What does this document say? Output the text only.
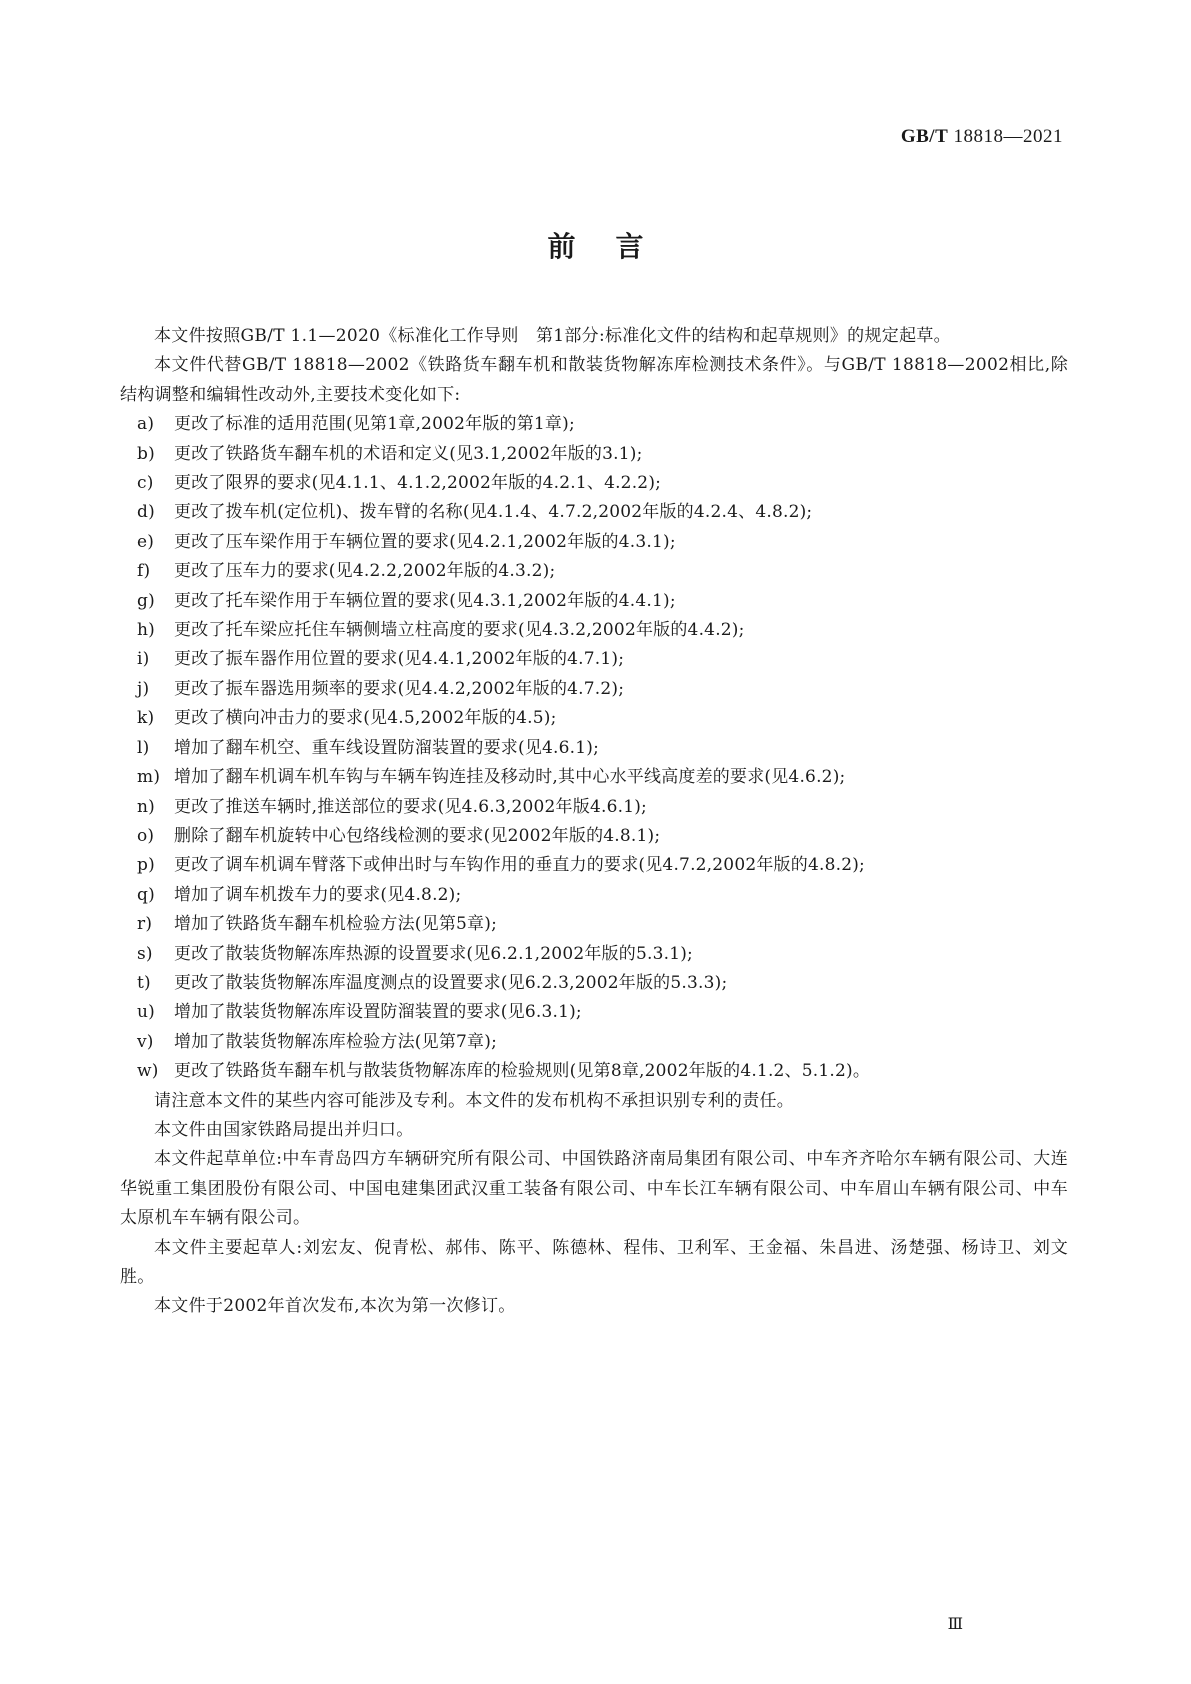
GB/T 18818—2021
前言

本文件按照GB/T 1.1—2020《标准化工作导则　第1部分:标准化文件的结构和起草规则》的规定起草。

本文件代替GB/T 18818—2002《铁路货车翻车机和散装货物解冻库检测技术条件》。与GB/T 18818—2002相比,除结构调整和编辑性改动外,主要技术变化如下:

a) 更改了标准的适用范围(见第1章,2002年版的第1章);

b) 更改了铁路货车翻车机的术语和定义(见3.1,2002年版的3.1);

c) 更改了限界的要求(见4.1.1、4.1.2,2002年版的4.2.1、4.2.2);

d) 更改了拨车机(定位机)、拨车臂的名称(见4.1.4、4.7.2,2002年版的4.2.4、4.8.2);

e) 更改了压车梁作用于车辆位置的要求(见4.2.1,2002年版的4.3.1);

f) 更改了压车力的要求(见4.2.2,2002年版的4.3.2);

g) 更改了托车梁作用于车辆位置的要求(见4.3.1,2002年版的4.4.1);

h) 更改了托车梁应托住车辆侧墙立柱高度的要求(见4.3.2,2002年版的4.4.2);

i) 更改了振车器作用位置的要求(见4.4.1,2002年版的4.7.1);

j) 更改了振车器选用频率的要求(见4.4.2,2002年版的4.7.2);

k) 更改了横向冲击力的要求(见4.5,2002年版的4.5);

l) 增加了翻车机空、重车线设置防溜装置的要求(见4.6.1);

m) 增加了翻车机调车机车钩与车辆车钩连挂及移动时,其中心水平线高度差的要求(见4.6.2);

n) 更改了推送车辆时,推送部位的要求(见4.6.3,2002年版4.6.1);

o) 删除了翻车机旋转中心包络线检测的要求(见2002年版的4.8.1);

p) 更改了调车机调车臂落下或伸出时与车钩作用的垂直力的要求(见4.7.2,2002年版的4.8.2);

q) 增加了调车机拨车力的要求(见4.8.2);

r) 增加了铁路货车翻车机检验方法(见第5章);

s) 更改了散装货物解冻库热源的设置要求(见6.2.1,2002年版的5.3.1);

t) 更改了散装货物解冻库温度测点的设置要求(见6.2.3,2002年版的5.3.3);

u) 增加了散装货物解冻库设置防溜装置的要求(见6.3.1);

v) 增加了散装货物解冻库检验方法(见第7章);

w) 更改了铁路货车翻车机与散装货物解冻库的检验规则(见第8章,2002年版的4.1.2、5.1.2)。

请注意本文件的某些内容可能涉及专利。本文件的发布机构不承担识别专利的责任。

本文件由国家铁路局提出并归口。

本文件起草单位:中车青岛四方车辆研究所有限公司、中国铁路济南局集团有限公司、中车齐齐哈尔车辆有限公司、大连华锐重工集团股份有限公司、中国电建集团武汉重工装备有限公司、中车长江车辆有限公司、中车眉山车辆有限公司、中车太原机车车辆有限公司。

本文件主要起草人:刘宏友、倪青松、郝伟、陈平、陈德林、程伟、卫利军、王金福、朱昌进、汤楚强、杨诗卫、刘文胜。

本文件于2002年首次发布,本次为第一次修订。

Ⅲ
